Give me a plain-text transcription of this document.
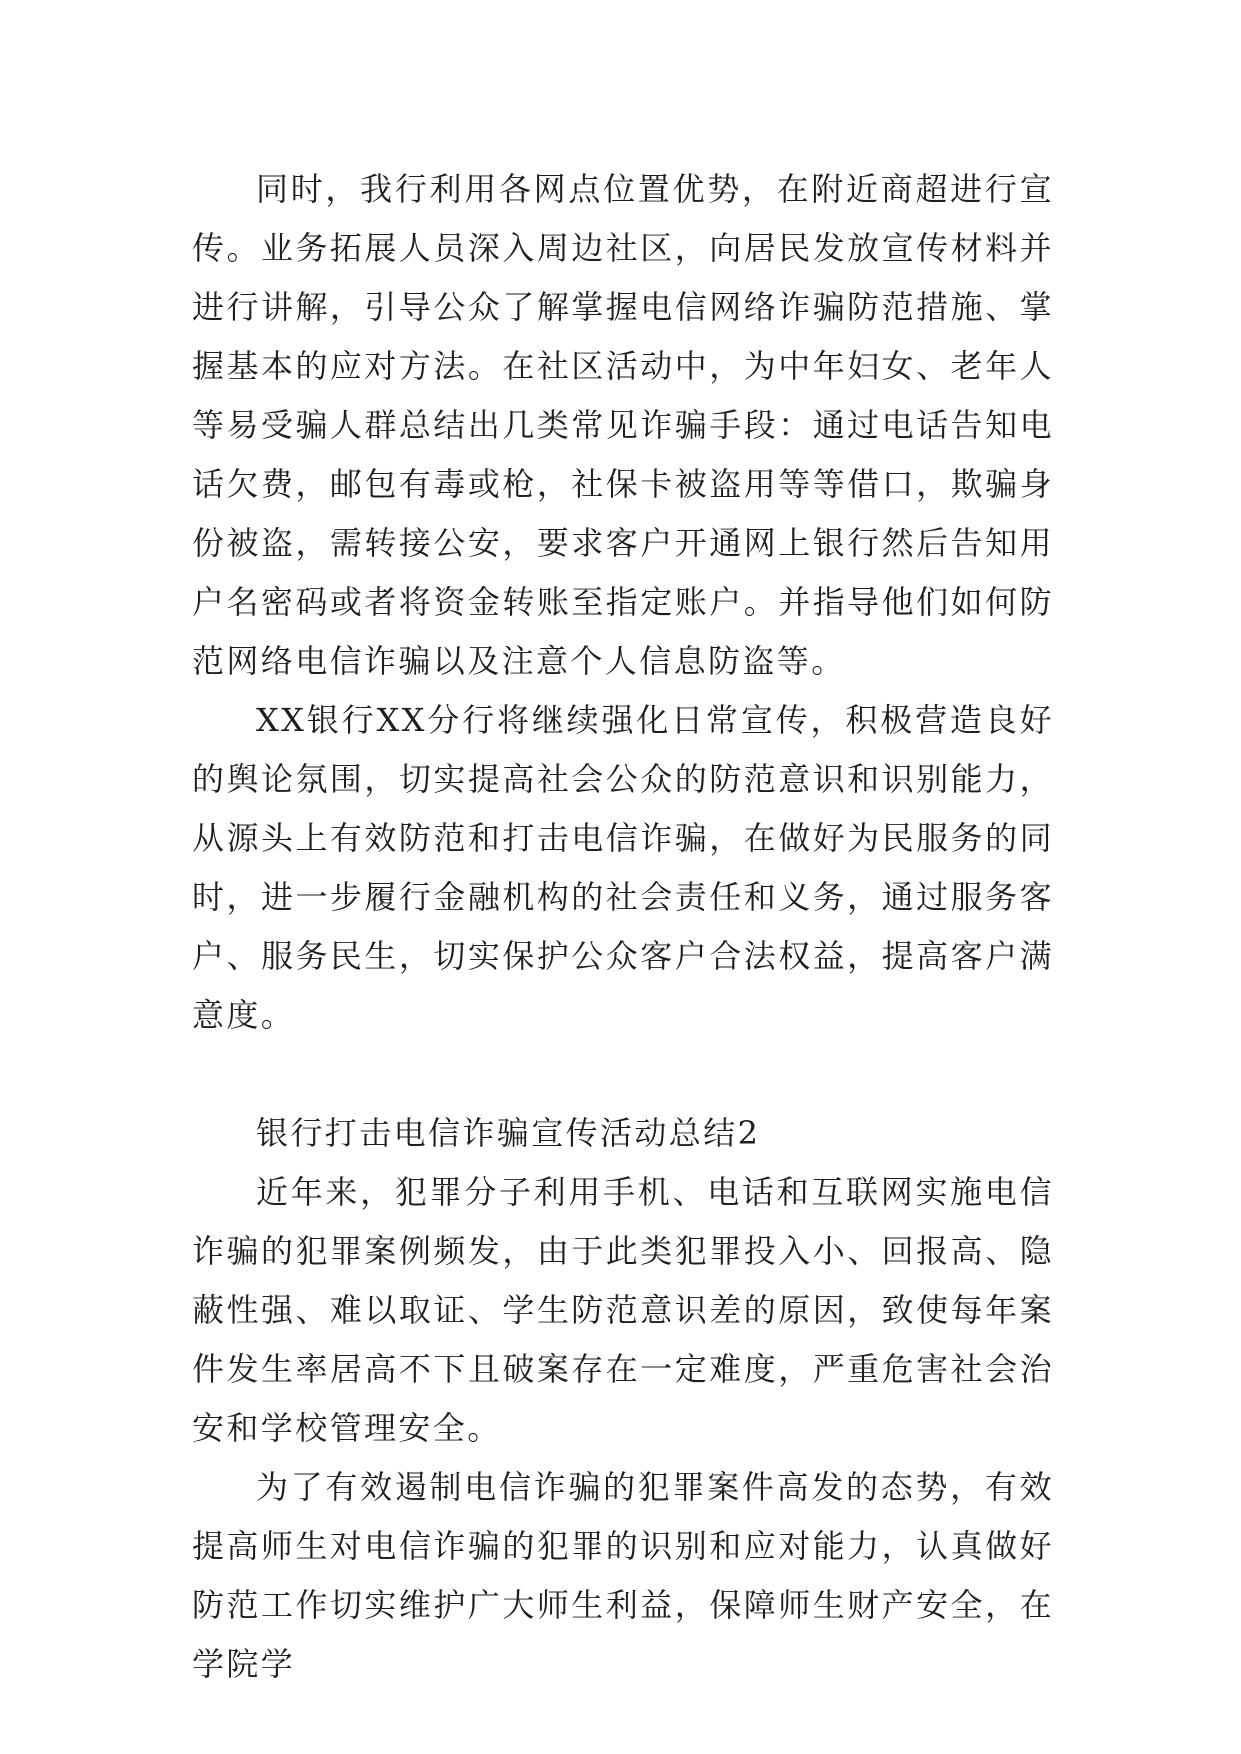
同时，我行利用各网点位置优势，在附近商超进行宣传。业务拓展人员深入周边社区，向居民发放宣传材料并进行讲解，引导公众了解掌握电信网络诈骗防范措施、掌握基本的应对方法。在社区活动中，为中年妇女、老年人等易受骗人群总结出几类常见诈骗手段：通过电话告知电话欠费，邮包有毒或枪，社保卡被盗用等等借口，欺骗身份被盗，需转接公安，要求客户开通网上银行然后告知用户名密码或者将资金转账至指定账户。并指导他们如何防范网络电信诈骗以及注意个人信息防盗等。

XX银行XX分行将继续强化日常宣传，积极营造良好的舆论氛围，切实提高社会公众的防范意识和识别能力，从源头上有效防范和打击电信诈骗，在做好为民服务的同时，进一步履行金融机构的社会责任和义务，通过服务客户、服务民生，切实保护公众客户合法权益，提高客户满意度。

银行打击电信诈骗宣传活动总结2

近年来，犯罪分子利用手机、电话和互联网实施电信诈骗的犯罪案例频发，由于此类犯罪投入小、回报高、隐蔽性强、难以取证、学生防范意识差的原因，致使每年案件发生率居高不下且破案存在一定难度，严重危害社会治安和学校管理安全。

为了有效遏制电信诈骗的犯罪案件高发的态势，有效提高师生对电信诈骗的犯罪的识别和应对能力，认真做好防范工作切实维护广大师生利益，保障师生财产安全，在学院学
